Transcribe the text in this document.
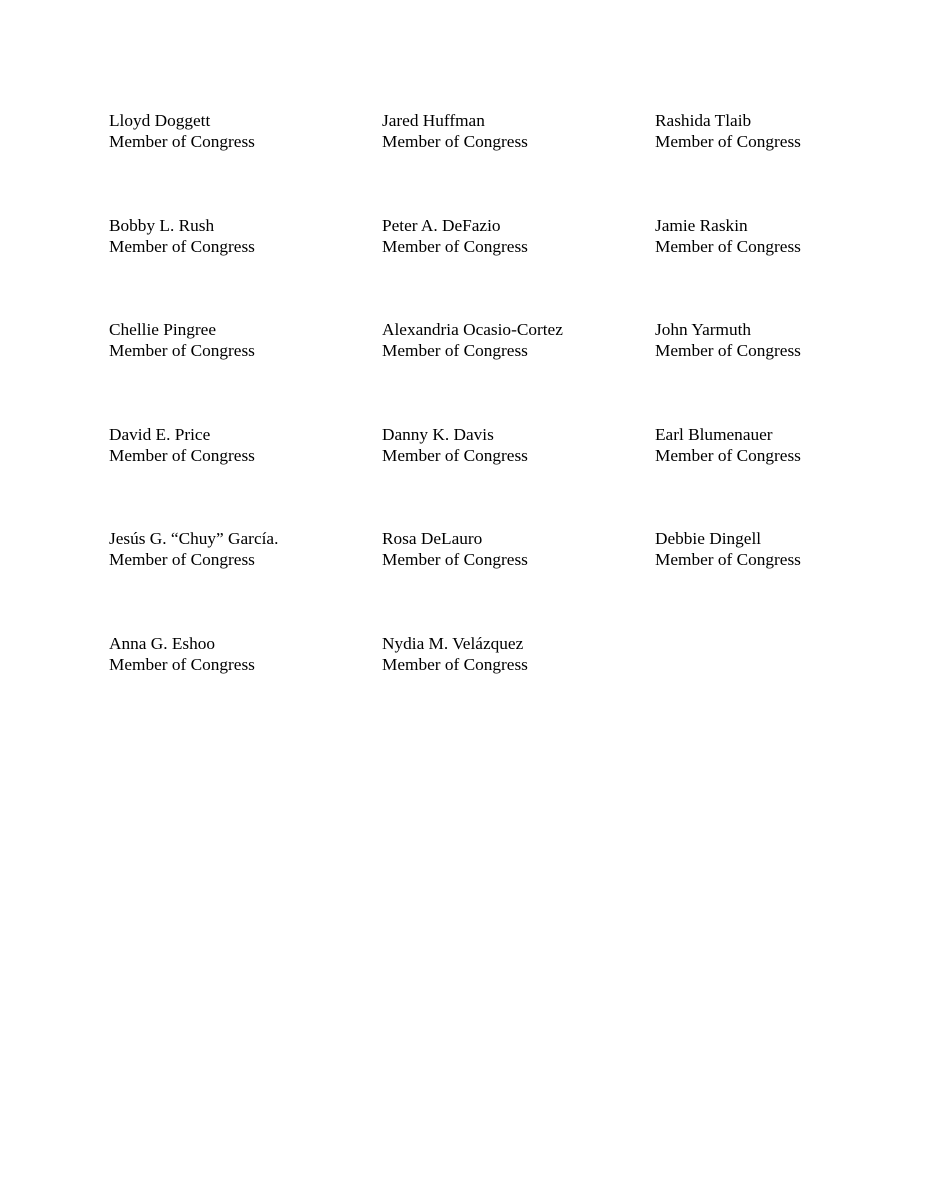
Lloyd Doggett
Member of Congress
Jared Huffman
Member of Congress
Rashida Tlaib
Member of Congress
Bobby L. Rush
Member of Congress
Peter A. DeFazio
Member of Congress
Jamie Raskin
Member of Congress
Chellie Pingree
Member of Congress
Alexandria Ocasio-Cortez
Member of Congress
John Yarmuth
Member of Congress
David E. Price
Member of Congress
Danny K. Davis
Member of Congress
Earl Blumenauer
Member of Congress
Jesús G. “Chuy” García.
Member of Congress
Rosa DeLauro
Member of Congress
Debbie Dingell
Member of Congress
Anna G. Eshoo
Member of Congress
Nydia M. Velázquez
Member of Congress
